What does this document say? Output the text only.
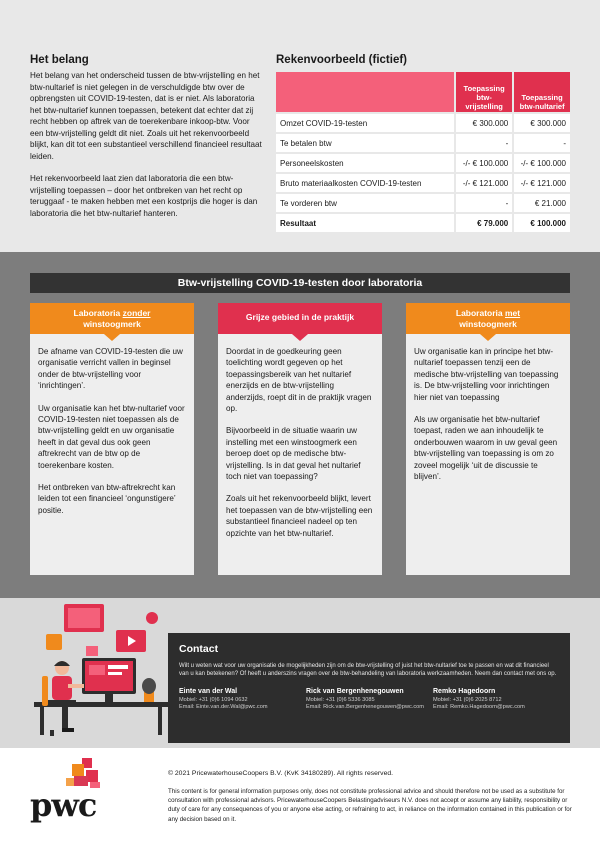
Het belang

Het belang van het onderscheid tussen de btw-vrijstelling en het btw-nultarief is niet gelegen in de verschuldigde btw over de opbrengsten uit COVID-19-testen, dat is er niet. Als laboratoria het btw-nultarief kunnen toepassen, betekent dat echter dat zij recht hebben op aftrek van de toerekenbare inkoop-btw. Voor een btw-vrijstelling geldt dit niet. Zoals uit het rekenvoorbeeld blijkt, kan dit tot een substantieel verschillend financieel resultaat leiden.

Het rekenvoorbeeld laat zien dat laboratoria die een btw-vrijstelling toepassen – door het ontbreken van het recht op teruggaaf - te maken hebben met een kostprijs die hoger is dan laboratoria die het btw-nultarief hanteren.

Rekenvoorbeeld (fictief)
	Toepassing btw-vrijstelling	Toepassing btw-nultarief
Omzet COVID-19-testen	€ 300.000	€ 300.000
Te betalen btw	-	-
Personeelskosten	-/- € 100.000	-/- € 100.000
Bruto materiaalkosten COVID-19-testen	-/- € 121.000	-/- € 121.000
Te vorderen btw	-	€ 21.000
Resultaat	€ 79.000	€ 100.000
Btw-vrijstelling COVID-19-testen door laboratoria
Laboratoria zonder
winstoogmerk

De afname van COVID-19-testen die uw organisatie verricht vallen in beginsel onder de btw-vrijstelling voor ‘inrichtingen’.

Uw organisatie kan het btw-nultarief voor COVID-19-testen niet toepassen als de btw-vrijstelling geldt en uw organisatie heeft in dat geval dus ook geen aftrekrecht van de btw op de toerekenbare kosten.

Het ontbreken van btw-aftrekrecht kan leiden tot een financieel ‘ongunstigere’ positie.

Grijze gebied in de praktijk

Doordat in de goedkeuring geen toelichting wordt gegeven op het toepassingsbereik van het nultarief enerzijds en de btw-vrijstelling anderzijds, roept dit in de praktijk vragen op.

Bijvoorbeeld in de situatie waarin uw instelling met een winstoogmerk een beroep doet op de medische btw-vrijstelling. Is in dat geval het nultarief toch niet van toepassing?

Zoals uit het rekenvoorbeeld blijkt, levert het toepassen van de btw-vrijstelling een substantieel financieel nadeel op ten opzichte van het btw-nultarief.

Laboratoria met
winstoogmerk

Uw organisatie kan in principe het btw-nultarief toepassen tenzij een de medische btw-vrijstelling van toepassing is. De btw-vrijstelling voor inrichtingen hier niet van toepassing

Als uw organisatie het btw-nultarief toepast, raden we aan inhoudelijk te onderbouwen waarom in uw geval geen btw-vrijstelling van toepassing is om zo zoveel mogelijk ‘uit de discussie te blijven’.

Contact

Wilt u weten wat voor uw organisatie de mogelijkheden zijn om de btw-vrijstelling of juist het btw-nultarief toe te passen en wat dit financieel van u kan betekenen? Of heeft u anderszins vragen over de btw-behandeling van laboratoria werkzaamheden. Neem dan contact met ons op.

Einte van der Wal
Mobiel: +31 (0)6 1094 0632
Email: Einte.van.der.Wal@pwc.com
Rick van Bergenhenegouwen
Mobiel: +31 (0)6 5336 3085
Email: Rick.van.Bergenhenegouwen@pwc.com
Remko Hagedoorn
Mobiel: +31 (0)6 2025 8712
Email: Remko.Hagedoorn@pwc.com
pwc
© 2021 PricewaterhouseCoopers B.V. (KvK 34180289). All rights reserved.
This content is for general information purposes only, does not constitute professional advice and should therefore not be used as a substitute for consultation with professional advisors. PricewaterhouseCoopers Belastingadviseurs N.V. does not accept or assume any liability, responsibility or duty of care for any consequences of you or anyone else acting, or refraining to act, in reliance on the information contained in this publication or for any decision based on it.
